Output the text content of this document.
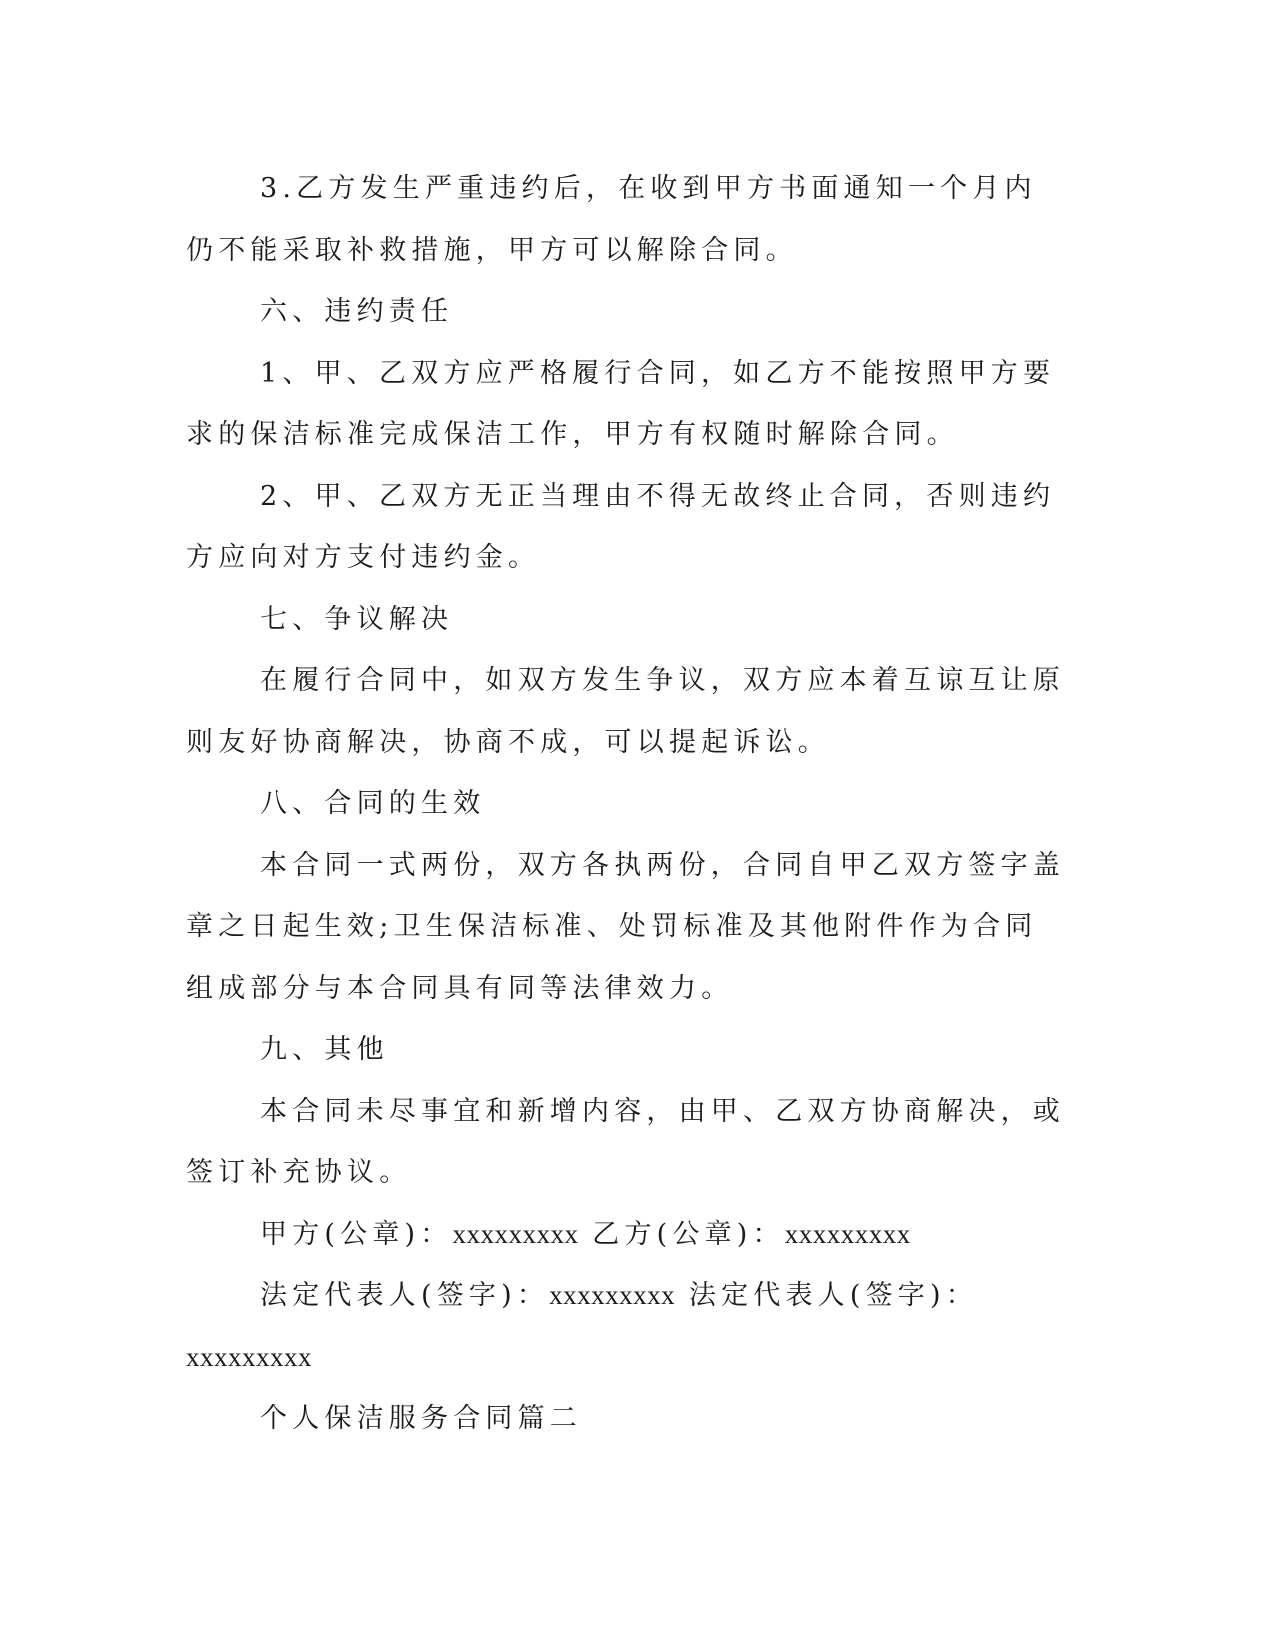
3.乙方发生严重违约后，在收到甲方书面通知一个月内仍不能采取补救措施，甲方可以解除合同。

六、违约责任

1、甲、乙双方应严格履行合同，如乙方不能按照甲方要求的保洁标准完成保洁工作，甲方有权随时解除合同。

2、甲、乙双方无正当理由不得无故终止合同，否则违约方应向对方支付违约金。

七、争议解决

在履行合同中，如双方发生争议，双方应本着互谅互让原则友好协商解决，协商不成，可以提起诉讼。

八、合同的生效

本合同一式两份，双方各执两份，合同自甲乙双方签字盖章之日起生效;卫生保洁标准、处罚标准及其他附件作为合同组成部分与本合同具有同等法律效力。

九、其他

本合同未尽事宜和新增内容，由甲、乙双方协商解决，或签订补充协议。

甲方(公章)：xxxxxxxxx 乙方(公章)：xxxxxxxxx

法定代表人(签字)：xxxxxxxxx 法定代表人(签字)：xxxxxxxxx

个人保洁服务合同篇二
